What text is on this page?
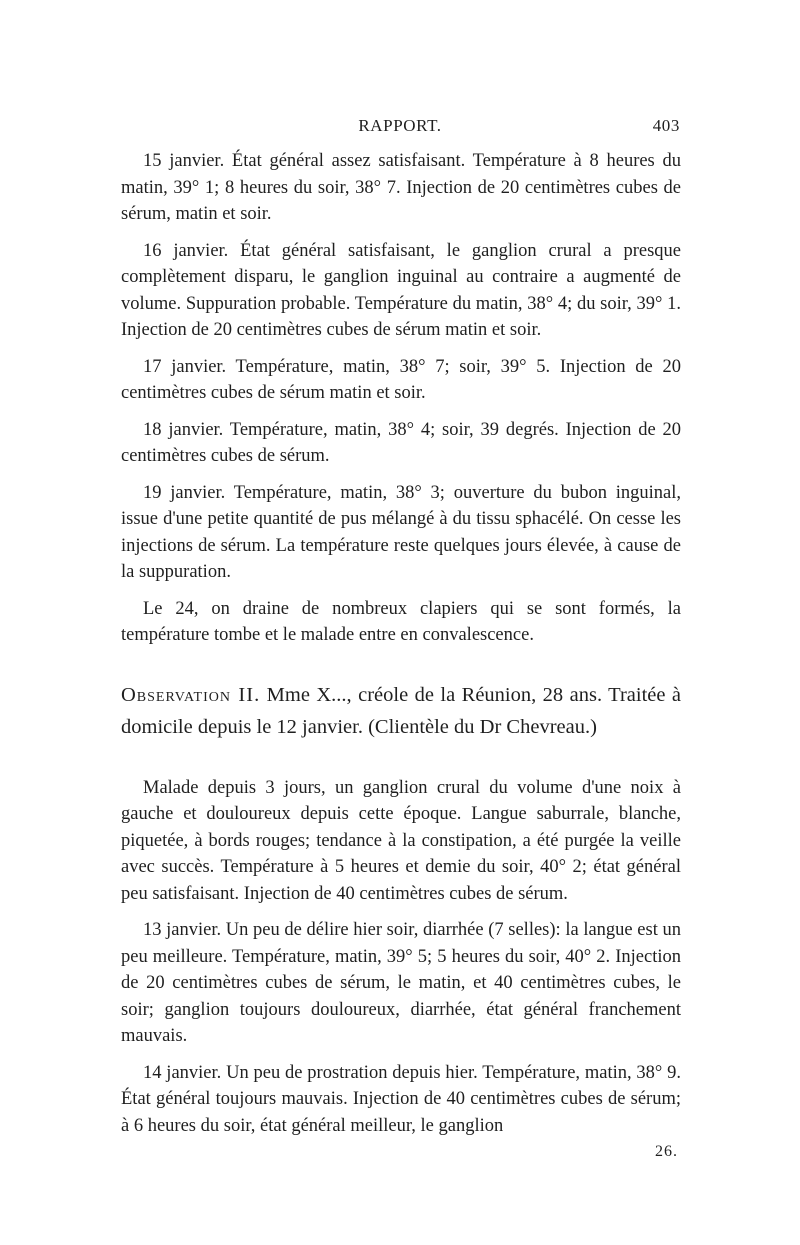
RAPPORT.	403

15 janvier. État général assez satisfaisant. Température à 8 heures du matin, 39° 1; 8 heures du soir, 38° 7. Injection de 20 centimètres cubes de sérum, matin et soir.

16 janvier. État général satisfaisant, le ganglion crural a presque complètement disparu, le ganglion inguinal au contraire a augmenté de volume. Suppuration probable. Température du matin, 38° 4; du soir, 39° 1. Injection de 20 centimètres cubes de sérum matin et soir.

17 janvier. Température, matin, 38° 7; soir, 39° 5. Injection de 20 centimètres cubes de sérum matin et soir.

18 janvier. Température, matin, 38° 4; soir, 39 degrés. Injection de 20 centimètres cubes de sérum.

19 janvier. Température, matin, 38° 3; ouverture du bubon inguinal, issue d'une petite quantité de pus mélangé à du tissu sphacélé. On cesse les injections de sérum. La température reste quelques jours élevée, à cause de la suppuration.

Le 24, on draine de nombreux clapiers qui se sont formés, la température tombe et le malade entre en convalescence.

Observation II. Mme X..., créole de la Réunion, 28 ans. Traitée à domicile depuis le 12 janvier. (Clientèle du Dr Chevreau.)

Malade depuis 3 jours, un ganglion crural du volume d'une noix à gauche et douloureux depuis cette époque. Langue saburrale, blanche, piquetée, à bords rouges; tendance à la constipation, a été purgée la veille avec succès. Température à 5 heures et demie du soir, 40° 2; état général peu satisfaisant. Injection de 40 centimètres cubes de sérum.

13 janvier. Un peu de délire hier soir, diarrhée (7 selles): la langue est un peu meilleure. Température, matin, 39° 5; 5 heures du soir, 40° 2. Injection de 20 centimètres cubes de sérum, le matin, et 40 centimètres cubes, le soir; ganglion toujours douloureux, diarrhée, état général franchement mauvais.

14 janvier. Un peu de prostration depuis hier. Température, matin, 38° 9. État général toujours mauvais. Injection de 40 centimètres cubes de sérum; à 6 heures du soir, état général meilleur, le ganglion

26.
